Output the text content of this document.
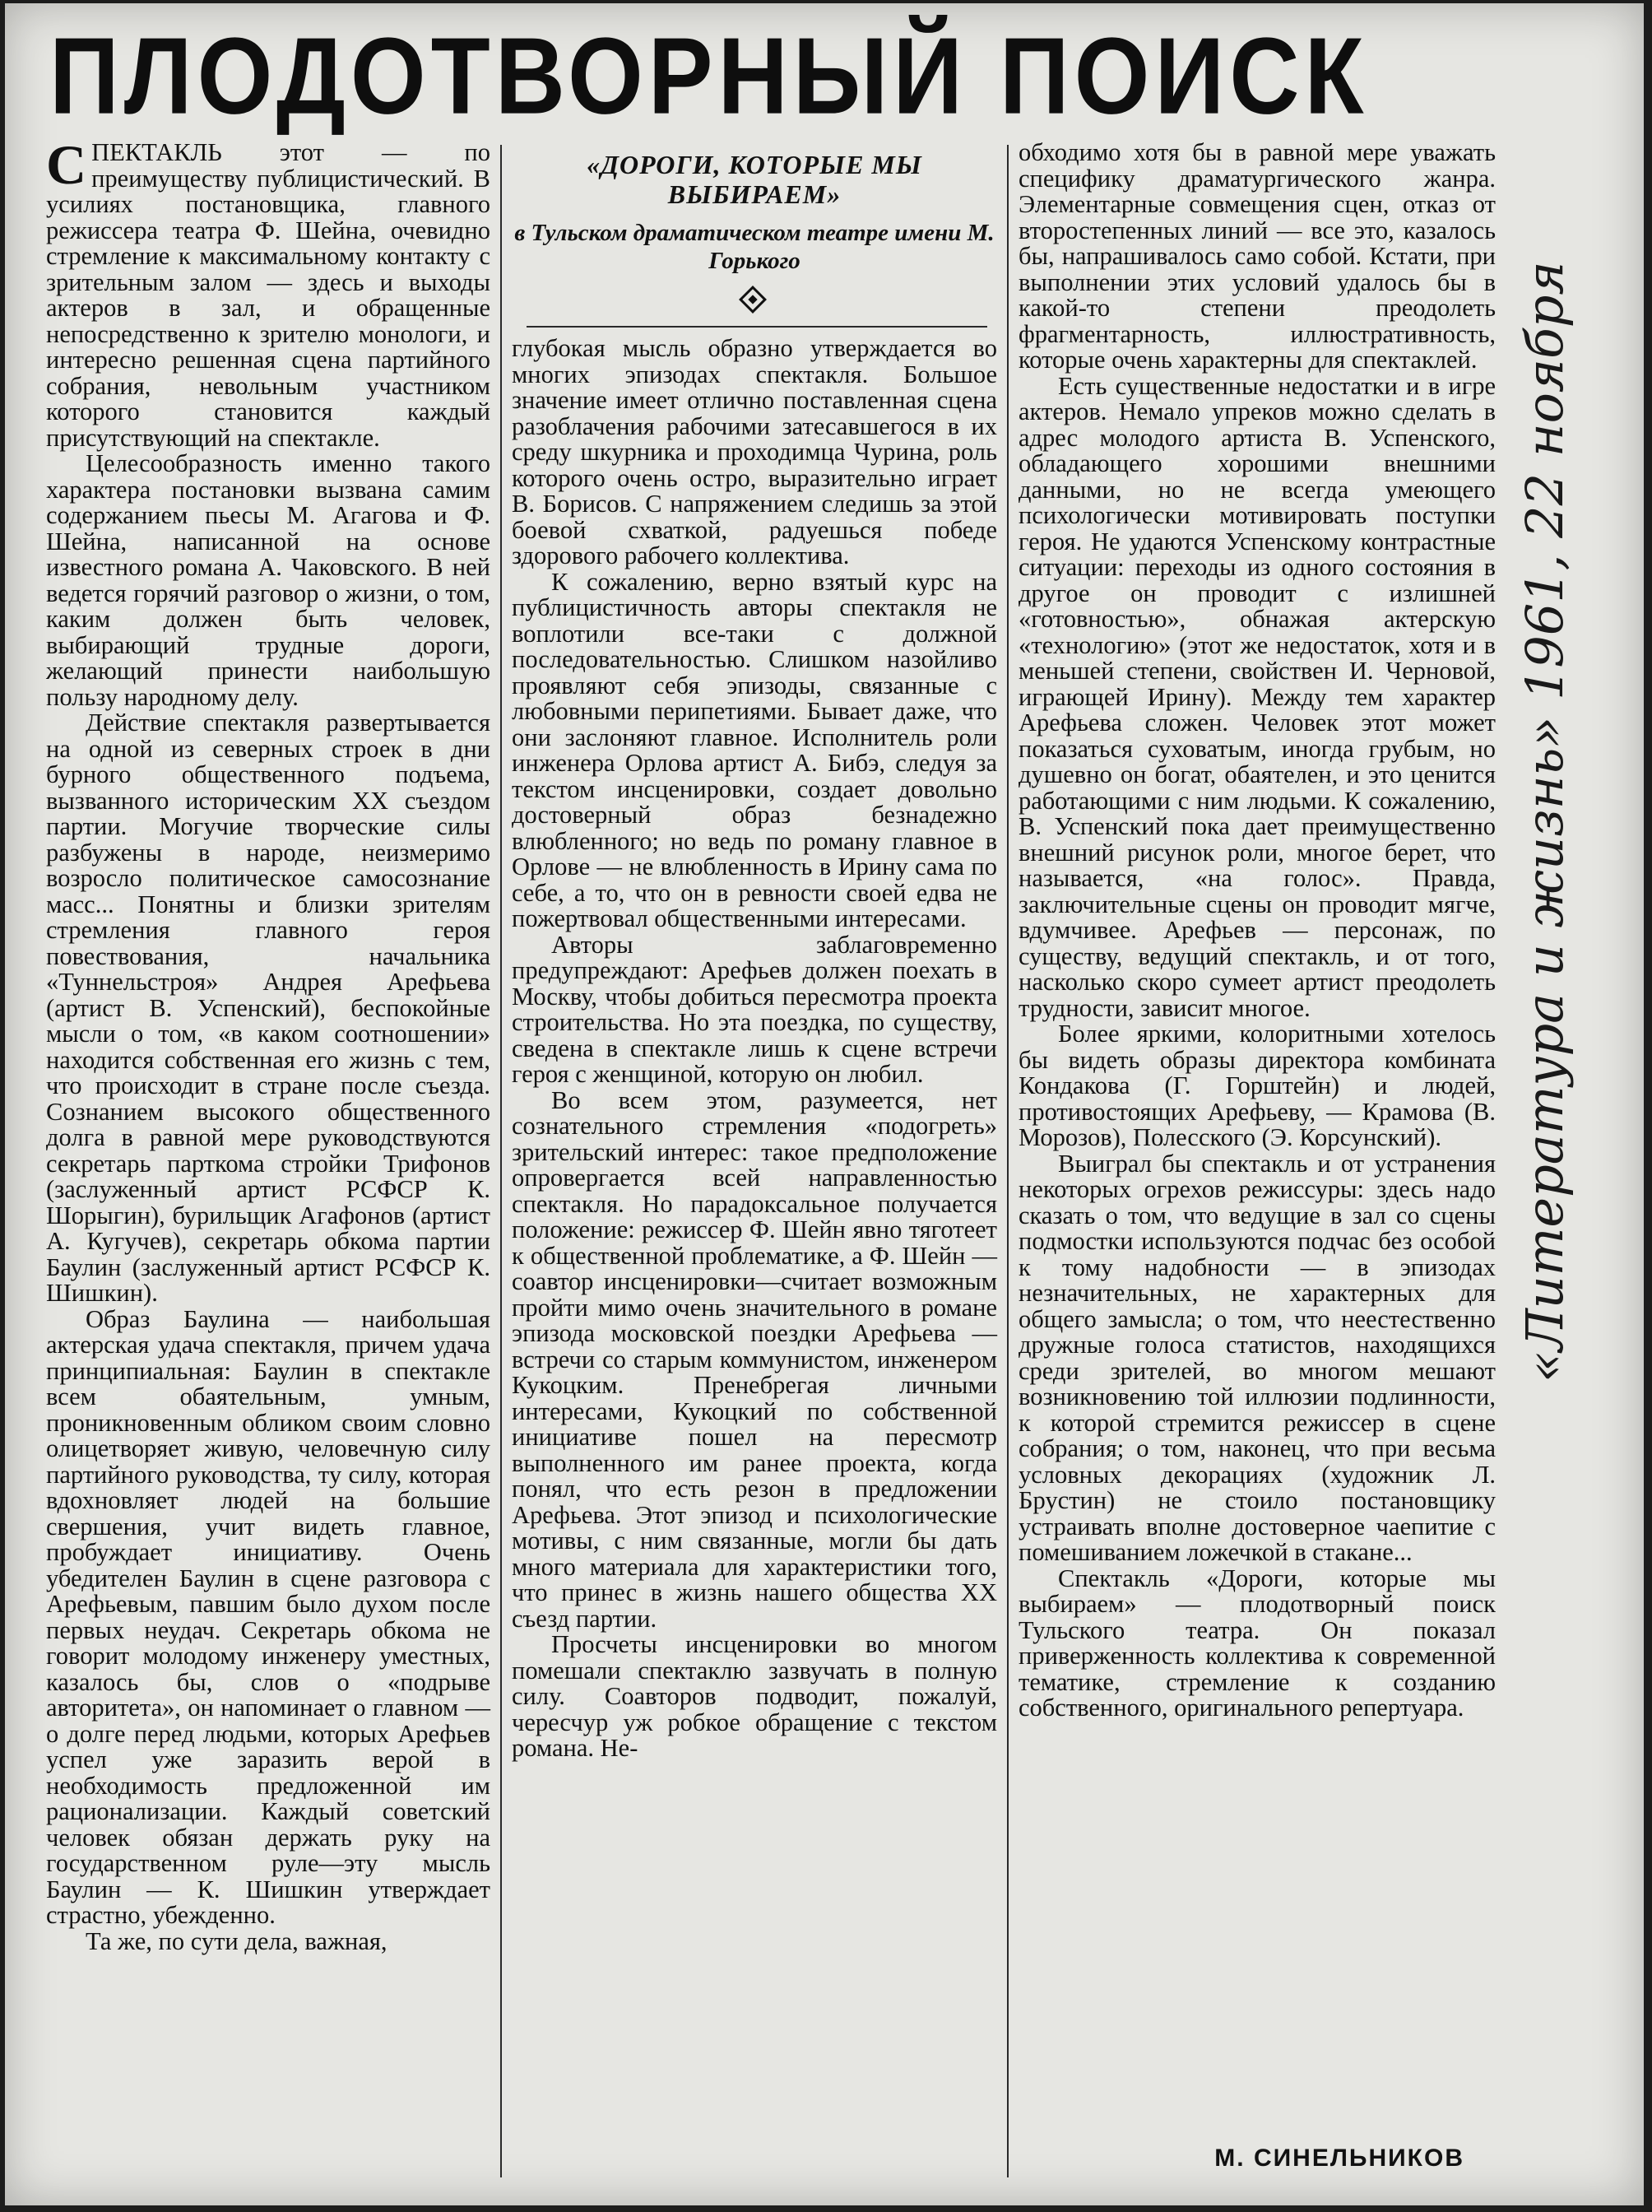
ПЛОДОТВОРНЫЙ ПОИСК
«ДОРОГИ, КОТОРЫЕ МЫ ВЫБИРАЕМ»
в Тульском драматическом театре имени М. Горького

СПЕКТАКЛЬ этот — по преимуществу публицистический. В усилиях постановщика, главного режиссера театра Ф. Шейна, очевидно стремление к максимальному контакту с зрительным залом — здесь и выходы актеров в зал, и обращенные непосредственно к зрителю монологи, и интересно решенная сцена партийного собрания, невольным участником которого становится каждый присутствующий на спектакле.

Целесообразность именно такого характера постановки вызвана самим содержанием пьесы М. Агагова и Ф. Шейна, написанной на основе известного романа А. Чаковского. В ней ведется горячий разговор о жизни, о том, каким должен быть человек, выбирающий трудные дороги, желающий принести наибольшую пользу народному делу.

Действие спектакля развертывается на одной из северных строек в дни бурного общественного подъема, вызванного историческим XX съездом партии. Могучие творческие силы разбужены в народе, неизмеримо возросло политическое самосознание масс... Понятны и близки зрителям стремления главного героя повествования, начальника «Туннельстроя» Андрея Арефьева (артист В. Успенский), беспокойные мысли о том, «в каком соотношении» находится собственная его жизнь с тем, что происходит в стране после съезда. Сознанием высокого общественного долга в равной мере руководствуются секретарь парткома стройки Трифонов (заслуженный артист РСФСР К. Шорыгин), бурильщик Агафонов (артист А. Кугучев), секретарь обкома партии Баулин (заслуженный артист РСФСР К. Шишкин).

Образ Баулина — наибольшая актерская удача спектакля, причем удача принципиальная: Баулин в спектакле всем обаятельным, умным, проникновенным обликом своим словно олицетворяет живую, человечную силу партийного руководства, ту силу, которая вдохновляет людей на большие свершения, учит видеть главное, пробуждает инициативу. Очень убедителен Баулин в сцене разговора с Арефьевым, павшим было духом после первых неудач. Секретарь обкома не говорит молодому инженеру уместных, казалось бы, слов о «подрыве авторитета», он напоминает о главном — о долге перед людьми, которых Арефьев успел уже заразить верой в необходимость предложенной им рационализации. Каждый советский человек обязан держать руку на государственном руле—эту мысль Баулин — К. Шишкин утверждает страстно, убежденно.

Та же, по сути дела, важная,

глубокая мысль образно утверждается во многих эпизодах спектакля. Большое значение имеет отлично поставленная сцена разоблачения рабочими затесавшегося в их среду шкурника и проходимца Чурина, роль которого очень остро, выразительно играет В. Борисов. С напряжением следишь за этой боевой схваткой, радуешься победе здорового рабочего коллектива.

К сожалению, верно взятый курс на публицистичность авторы спектакля не воплотили все-таки с должной последовательностью. Слишком назойливо проявляют себя эпизоды, связанные с любовными перипетиями. Бывает даже, что они заслоняют главное. Исполнитель роли инженера Орлова артист А. Бибэ, следуя за текстом инсценировки, создает довольно достоверный образ безнадежно влюбленного; но ведь по роману главное в Орлове — не влюбленность в Ирину сама по себе, а то, что он в ревности своей едва не пожертвовал общественными интересами.

Авторы заблаговременно предупреждают: Арефьев должен поехать в Москву, чтобы добиться пересмотра проекта строительства. Но эта поездка, по существу, сведена в спектакле лишь к сцене встречи героя с женщиной, которую он любил.

Во всем этом, разумеется, нет сознательного стремления «подогреть» зрительский интерес: такое предположение опровергается всей направленностью спектакля. Но парадоксальное получается положение: режиссер Ф. Шейн явно тяготеет к общественной проблематике, а Ф. Шейн — соавтор инсценировки—считает возможным пройти мимо очень значительного в романе эпизода московской поездки Арефьева — встречи со старым коммунистом, инженером Кукоцким. Пренебрегая личными интересами, Кукоцкий по собственной инициативе пошел на пересмотр выполненного им ранее проекта, когда понял, что есть резон в предложении Арефьева. Этот эпизод и психологические мотивы, с ним связанные, могли бы дать много материала для характеристики того, что принес в жизнь нашего общества XX съезд партии.

Просчеты инсценировки во многом помешали спектаклю зазвучать в полную силу. Соавторов подводит, пожалуй, чересчур уж робкое обращение с текстом романа. Не-

обходимо хотя бы в равной мере уважать специфику драматургического жанра. Элементарные совмещения сцен, отказ от второстепенных линий — все это, казалось бы, напрашивалось само собой. Кстати, при выполнении этих условий удалось бы в какой-то степени преодолеть фрагментарность, иллюстративность, которые очень характерны для спектаклей.

Есть существенные недостатки и в игре актеров. Немало упреков можно сделать в адрес молодого артиста В. Успенского, обладающего хорошими внешними данными, но не всегда умеющего психологически мотивировать поступки героя. Не удаются Успенскому контрастные ситуации: переходы из одного состояния в другое он проводит с излишней «готовностью», обнажая актерскую «технологию» (этот же недостаток, хотя и в меньшей степени, свойствен И. Черновой, играющей Ирину). Между тем характер Арефьева сложен. Человек этот может показаться суховатым, иногда грубым, но душевно он богат, обаятелен, и это ценится работающими с ним людьми. К сожалению, В. Успенский пока дает преимущественно внешний рисунок роли, многое берет, что называется, «на голос». Правда, заключительные сцены он проводит мягче, вдумчивее. Арефьев — персонаж, по существу, ведущий спектакль, и от того, насколько скоро сумеет артист преодолеть трудности, зависит многое.

Более яркими, колоритными хотелось бы видеть образы директора комбината Кондакова (Г. Горштейн) и людей, противостоящих Арефьеву, — Крамова (В. Морозов), Полесского (Э. Корсунский).

Выиграл бы спектакль и от устранения некоторых огрехов режиссуры: здесь надо сказать о том, что ведущие в зал со сцены подмостки используются подчас без особой к тому надобности — в эпизодах незначительных, не характерных для общего замысла; о том, что неестественно дружные голоса статистов, находящихся среди зрителей, во многом мешают возникновению той иллюзии подлинности, к которой стремится режиссер в сцене собрания; о том, наконец, что при весьма условных декорациях (художник Л. Брустин) не стоило постановщику устраивать вполне достоверное чаепитие с помешиванием ложечкой в стакане...

Спектакль «Дороги, которые мы выбираем» — плодотворный поиск Тульского театра. Он показал приверженность коллектива к современной тематике, стремление к созданию собственного, оригинального репертуара.

М. СИНЕЛЬНИКОВ
«Литература и жизнь» 1961, 22 ноября
